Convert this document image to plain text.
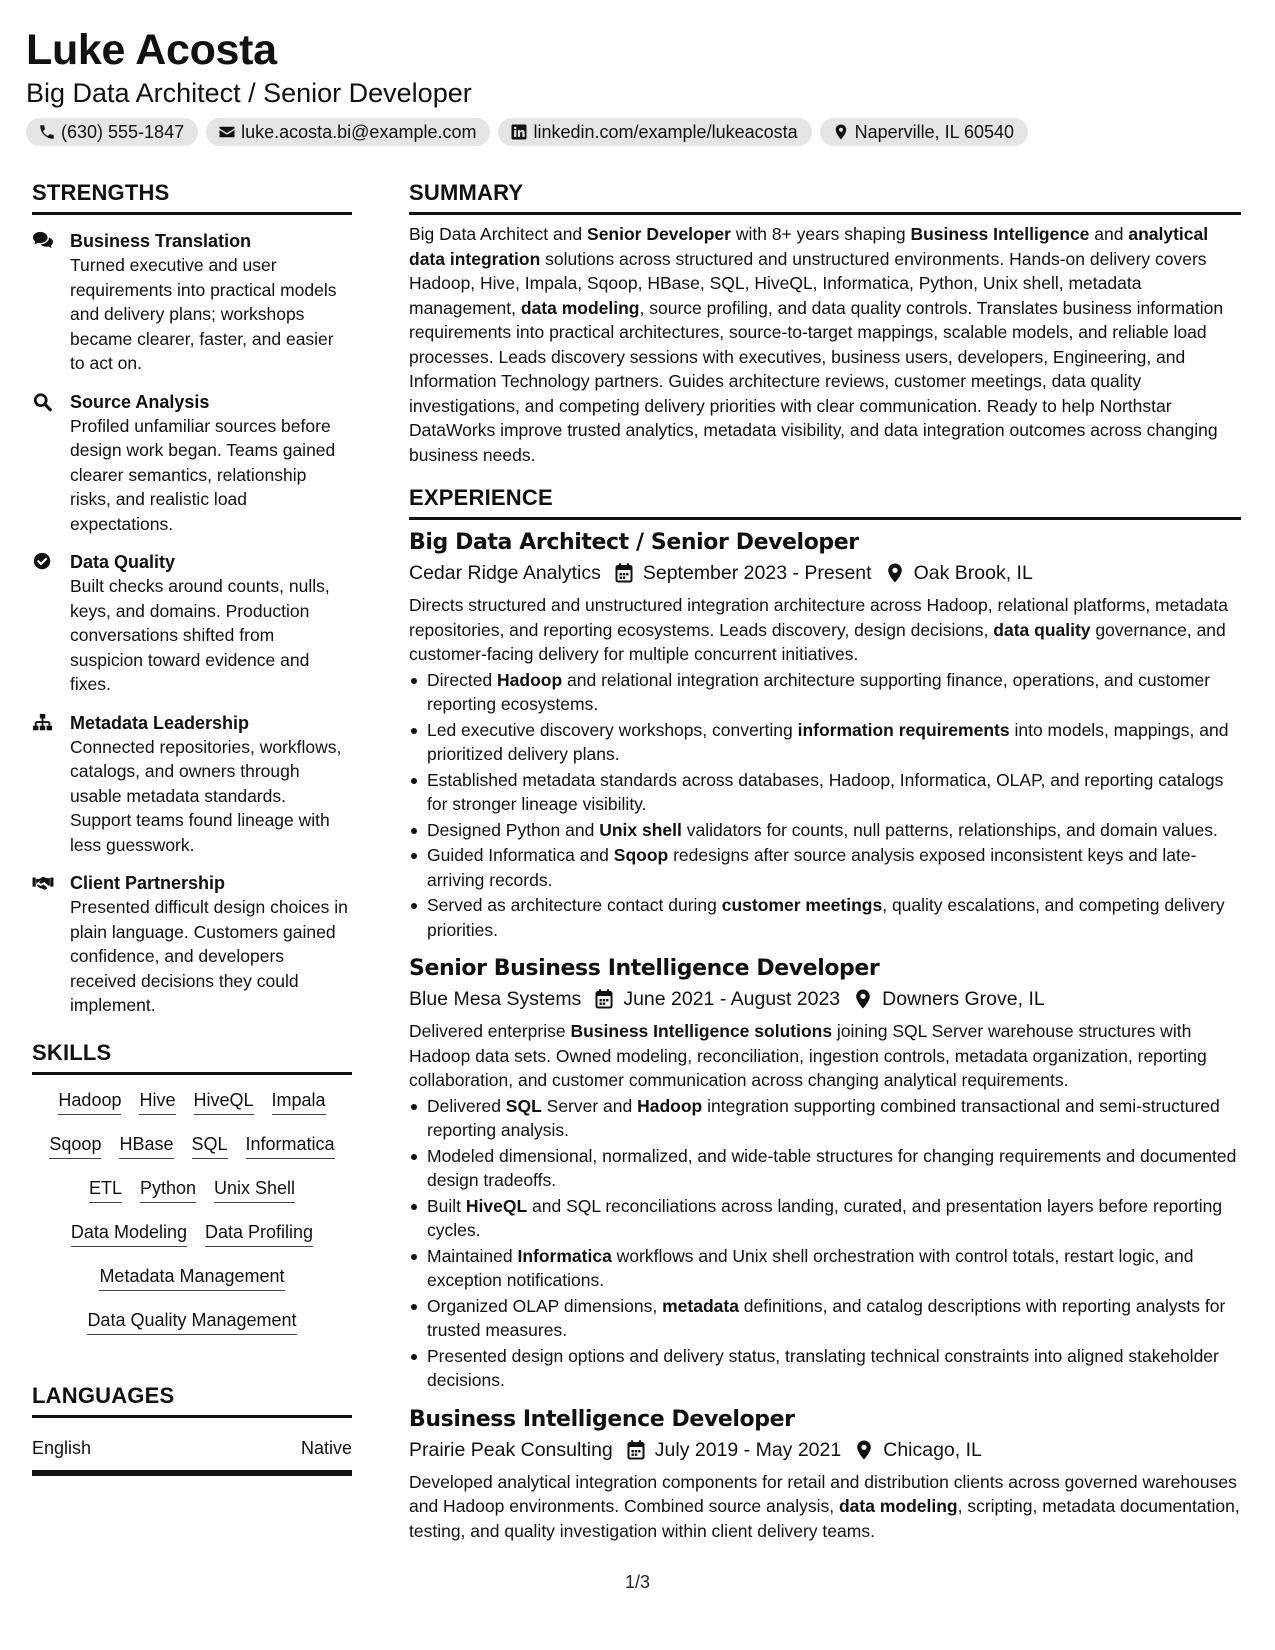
Luke Acosta
Big Data Architect / Senior Developer
(630) 555-1847	luke.acosta.bi@example.com	linkedin.com/example/lukeacosta	Naperville, IL 60540
STRENGTHS
Business Translation
Turned executive and user requirements into practical models and delivery plans; workshops became clearer, faster, and easier to act on.
Source Analysis
Profiled unfamiliar sources before design work began. Teams gained clearer semantics, relationship risks, and realistic load expectations.
Data Quality
Built checks around counts, nulls, keys, and domains. Production conversations shifted from suspicion toward evidence and fixes.
Metadata Leadership
Connected repositories, workflows, catalogs, and owners through usable metadata standards. Support teams found lineage with less guesswork.
Client Partnership
Presented difficult design choices in plain language. Customers gained confidence, and developers received decisions they could implement.
SKILLS
Hadoop Hive HiveQL Impala
Sqoop HBase SQL Informatica
ETL Python Unix Shell
Data Modeling Data Profiling
Metadata Management
Data Quality Management
LANGUAGES
English	Native
SUMMARY
Big Data Architect and Senior Developer with 8+ years shaping Business Intelligence and analytical data integration solutions across structured and unstructured environments. Hands-on delivery covers Hadoop, Hive, Impala, Sqoop, HBase, SQL, HiveQL, Informatica, Python, Unix shell, metadata management, data modeling, source profiling, and data quality controls. Translates business information requirements into practical architectures, source-to-target mappings, scalable models, and reliable load processes. Leads discovery sessions with executives, business users, developers, Engineering, and Information Technology partners. Guides architecture reviews, customer meetings, data quality investigations, and competing delivery priorities with clear communication. Ready to help Northstar DataWorks improve trusted analytics, metadata visibility, and data integration outcomes across changing business needs.
EXPERIENCE
Big Data Architect / Senior Developer
Cedar Ridge Analytics September 2023 - Present Oak Brook, IL
Directs structured and unstructured integration architecture across Hadoop, relational platforms, metadata repositories, and reporting ecosystems. Leads discovery, design decisions, data quality governance, and customer-facing delivery for multiple concurrent initiatives.
Directed Hadoop and relational integration architecture supporting finance, operations, and customer reporting ecosystems.
Led executive discovery workshops, converting information requirements into models, mappings, and prioritized delivery plans.
Established metadata standards across databases, Hadoop, Informatica, OLAP, and reporting catalogs for stronger lineage visibility.
Designed Python and Unix shell validators for counts, null patterns, relationships, and domain values.
Guided Informatica and Sqoop redesigns after source analysis exposed inconsistent keys and late-arriving records.
Served as architecture contact during customer meetings, quality escalations, and competing delivery priorities.
Senior Business Intelligence Developer
Blue Mesa Systems June 2021 - August 2023 Downers Grove, IL
Delivered enterprise Business Intelligence solutions joining SQL Server warehouse structures with Hadoop data sets. Owned modeling, reconciliation, ingestion controls, metadata organization, reporting collaboration, and customer communication across changing analytical requirements.
Delivered SQL Server and Hadoop integration supporting combined transactional and semi-structured reporting analysis.
Modeled dimensional, normalized, and wide-table structures for changing requirements and documented design tradeoffs.
Built HiveQL and SQL reconciliations across landing, curated, and presentation layers before reporting cycles.
Maintained Informatica workflows and Unix shell orchestration with control totals, restart logic, and exception notifications.
Organized OLAP dimensions, metadata definitions, and catalog descriptions with reporting analysts for trusted measures.
Presented design options and delivery status, translating technical constraints into aligned stakeholder decisions.
Business Intelligence Developer
Prairie Peak Consulting July 2019 - May 2021 Chicago, IL
Developed analytical integration components for retail and distribution clients across governed warehouses and Hadoop environments. Combined source analysis, data modeling, scripting, metadata documentation, testing, and quality investigation within client delivery teams.
1/3
